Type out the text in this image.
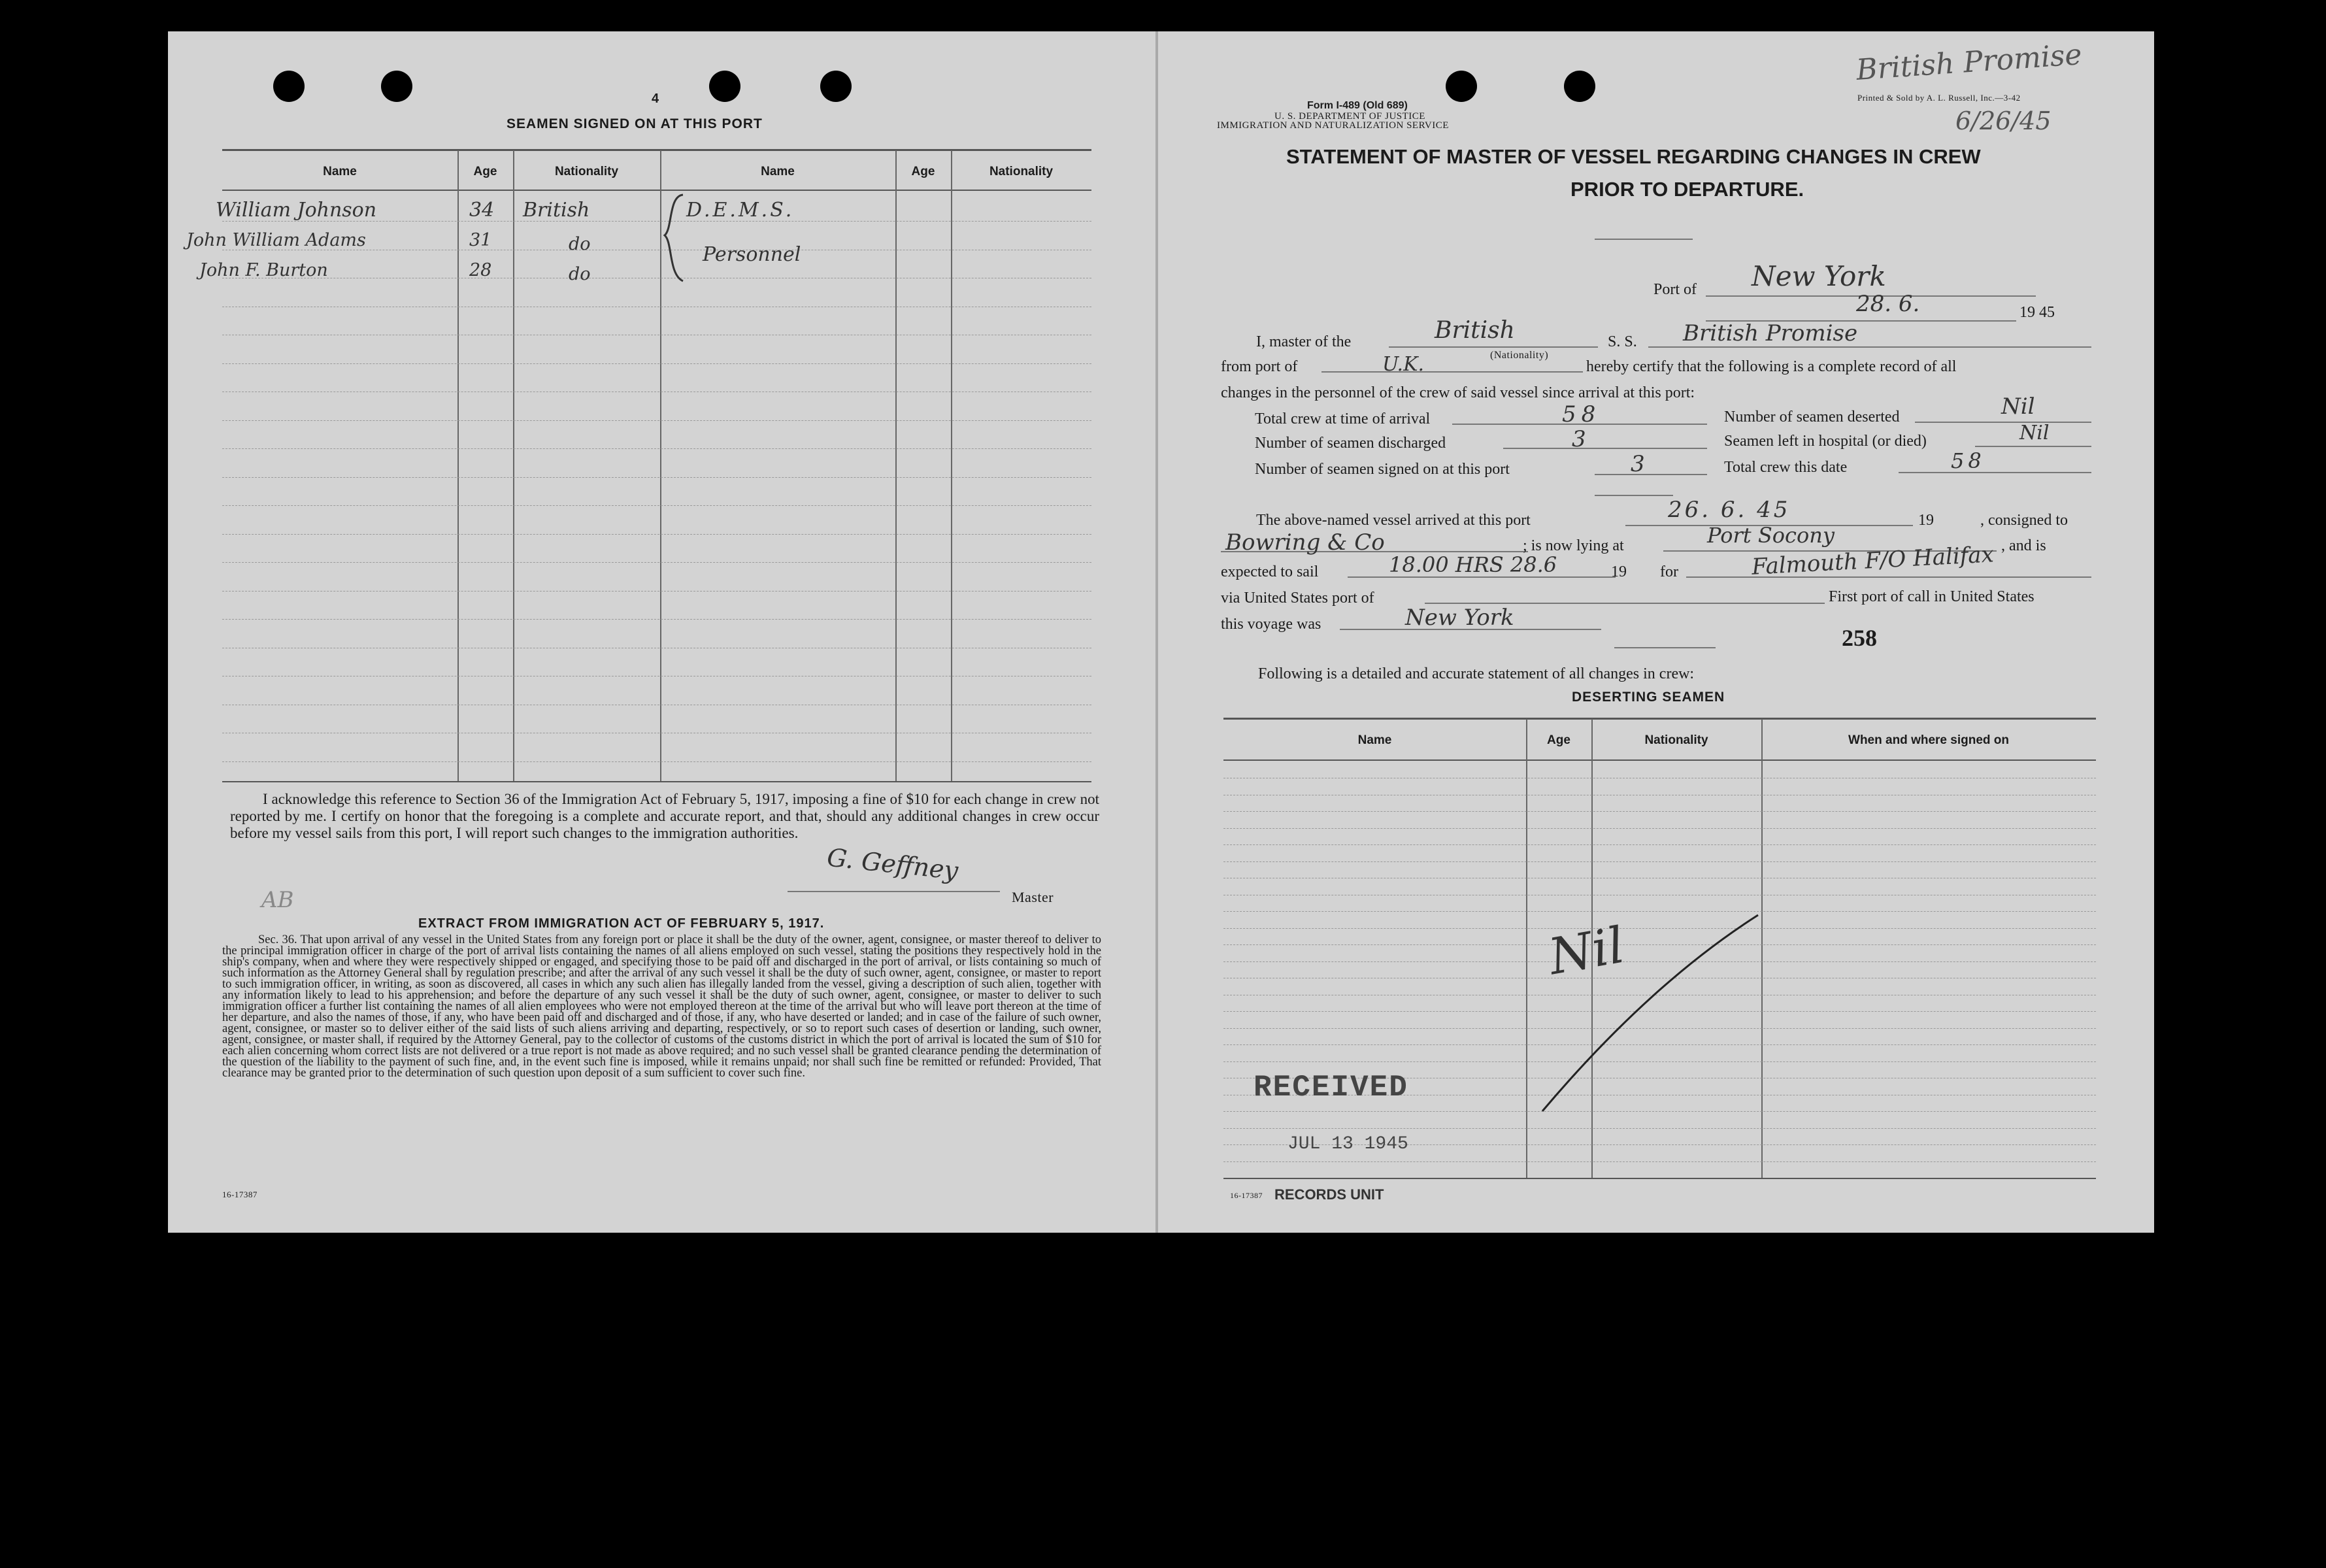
4
SEAMEN SIGNED ON AT THIS PORT
Name	Age	Nationality	Name	Age	Nationality
William Johnson	34 British
John William Adams	31	do
John F. Burton	28	do
D.E.M.S.
Personnel
I acknowledge this reference to Section 36 of the Immigration Act of February 5, 1917, imposing a fine of $10 for each change in crew not reported by me. I certify on honor that the foregoing is a complete and accurate report, and that, should any additional changes in crew occur before my vessel sails from this port, I will report such changes to the immigration authorities.
G. Geffney
Master
AB
EXTRACT FROM IMMIGRATION ACT OF FEBRUARY 5, 1917.
Sec. 36. That upon arrival of any vessel in the United States from any foreign port or place it shall be the duty of the owner, agent, consignee, or master thereof to deliver to the principal immigration officer in charge of the port of arrival lists containing the names of all aliens employed on such vessel, stating the positions they respectively hold in the ship's company, when and where they were respectively shipped or engaged, and specifying those to be paid off and discharged in the port of arrival, or lists containing so much of such information as the Attorney General shall by regulation prescribe; and after the arrival of any such vessel it shall be the duty of such owner, agent, consignee, or master to report to such immigration officer, in writing, as soon as discovered, all cases in which any such alien has illegally landed from the vessel, giving a description of such alien, together with any information likely to lead to his apprehension; and before the departure of any such vessel it shall be the duty of such owner, agent, consignee, or master to deliver to such immigration officer a further list containing the names of all alien employees who were not employed thereon at the time of the arrival but who will leave port thereon at the time of her departure, and also the names of those, if any, who have been paid off and discharged and of those, if any, who have deserted or landed; and in case of the failure of such owner, agent, consignee, or master so to deliver either of the said lists of such aliens arriving and departing, respectively, or so to report such cases of desertion or landing, such owner, agent, consignee, or master shall, if required by the Attorney General, pay to the collector of customs of the customs district in which the port of arrival is located the sum of $10 for each alien concerning whom correct lists are not delivered or a true report is not made as above required; and no such vessel shall be granted clearance pending the determination of the question of the liability to the payment of such fine, and, in the event such fine is imposed, while it remains unpaid; nor shall such fine be remitted or refunded: Provided, That clearance may be granted prior to the determination of such question upon deposit of a sum sufficient to cover such fine.
16-17387
Form I-489 (Old 689)
U. S. DEPARTMENT OF JUSTICE
IMMIGRATION AND NATURALIZATION SERVICE
Printed & Sold by A. L. Russell, Inc.—3-42
British Promise
6/26/45
STATEMENT OF MASTER OF VESSEL REGARDING CHANGES IN CREW
PRIOR TO DEPARTURE.
Port of New York
28. 6.	19 45
I, master of the	British
(Nationality)
S. S. British Promise
from port of	U.K.	hereby certify that the following is a complete record of all
changes in the personnel of the crew of said vessel since arrival at this port:
Total crew at time of arrival	58	Number of seamen deserted	Nil
Number of seamen discharged	3	Seamen left in hospital (or died)	Nil
Number of seamen signed on at this port	3	Total crew this date	58
The above-named vessel arrived at this port	26. 6. 45	19	, consigned to
Bowring & Co	; is now lying at	Port Socony	, and is
expected to sail	18.00 HRS 28.6	19 for	Falmouth F/O Halifax
via United States port of	First port of call in United States
this voyage was	New York
258
Following is a detailed and accurate statement of all changes in crew:
DESERTING SEAMEN
Name	Age	Nationality	When and where signed on
Nil
RECEIVED
JUL 13 1945
16-17387 RECORDS UNIT
